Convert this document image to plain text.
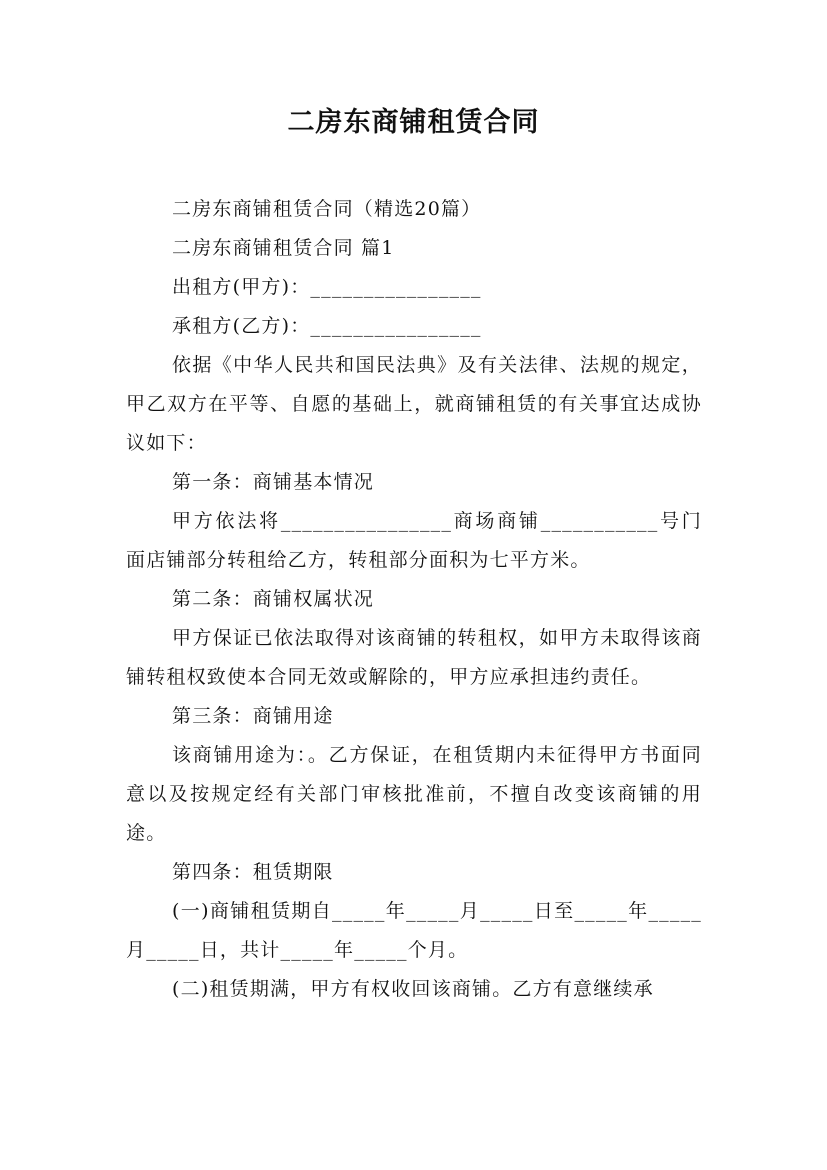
二房东商铺租赁合同
二房东商铺租赁合同（精选20篇）
二房东商铺租赁合同 篇1
出租方(甲方)：________________
承租方(乙方)：________________
依据《中华人民共和国民法典》及有关法律、法规的规定，甲乙双方在平等、自愿的基础上，就商铺租赁的有关事宜达成协议如下：
第一条：商铺基本情况
甲方依法将________________商场商铺___________号门面店铺部分转租给乙方，转租部分面积为七平方米。
第二条：商铺权属状况
甲方保证已依法取得对该商铺的转租权，如甲方未取得该商铺转租权致使本合同无效或解除的，甲方应承担违约责任。
第三条：商铺用途
该商铺用途为：。乙方保证，在租赁期内未征得甲方书面同意以及按规定经有关部门审核批准前，不擅自改变该商铺的用途。
第四条：租赁期限
(一)商铺租赁期自_____年_____月_____日至_____年_____月_____日，共计_____年_____个月。
(二)租赁期满，甲方有权收回该商铺。乙方有意继续承
